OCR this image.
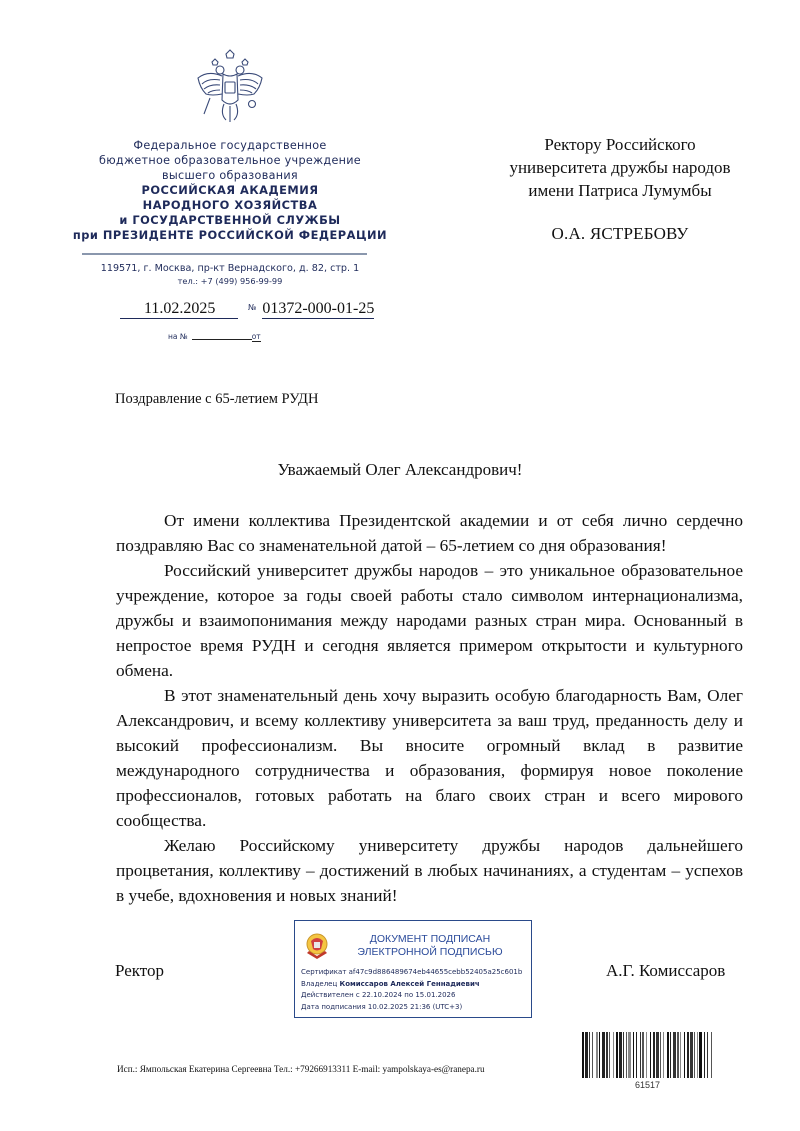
Федеральное государственное
бюджетное образовательное учреждение
высшего образования
РОССИЙСКАЯ АКАДЕМИЯ
НАРОДНОГО ХОЗЯЙСТВА
и ГОСУДАРСТВЕННОЙ СЛУЖБЫ
при ПРЕЗИДЕНТЕ РОССИЙСКОЙ ФЕДЕРАЦИИ
119571, г. Москва, пр-кт Вернадского, д. 82, стр. 1
тел.: +7 (499) 956-99-99
11.02.2025	№ 01372-000-01-25
на №	от
Ректору Российского
университета дружбы народов
имени Патриса Лумумбы
О.А. ЯСТРЕБОВУ
Поздравление с 65-летием РУДН
Уважаемый Олег Александрович!

От имени коллектива Президентской академии и от себя лично сердечно поздравляю Вас со знаменательной датой – 65-летием со дня образования!

Российский университет дружбы народов – это уникальное образовательное учреждение, которое за годы своей работы стало символом интернационализма, дружбы и взаимопонимания между народами разных стран мира. Основанный в непростое время РУДН и сегодня является примером открытости и культурного обмена.

В этот знаменательный день хочу выразить особую благодарность Вам, Олег Александрович, и всему коллективу университета за ваш труд, преданность делу и высокий профессионализм. Вы вносите огромный вклад в развитие международного сотрудничества и образования, формируя новое поколение профессионалов, готовых работать на благо своих стран и всего мирового сообщества.

Желаю Российскому университету дружбы народов дальнейшего процветания, коллективу – достижений в любых начинаниях, а студентам – успехов в учебе, вдохновения и новых знаний!

Ректор	А.Г. Комиссаров
ДОКУМЕНТ ПОДПИСАН
ЭЛЕКТРОННОЙ ПОДПИСЬЮ
Сертификат af47c9d886489674eb44655cebb52405a25c601b
Владелец Комиссаров Алексей Геннадиевич
Действителен с 22.10.2024 по 15.01.2026
Дата подписания 10.02.2025 21:36 (UTC+3)
Исп.: Ямпольская Екатерина Сергеевна Тел.: +79266913311 E-mail: yampolskaya-es@ranepa.ru
61517
